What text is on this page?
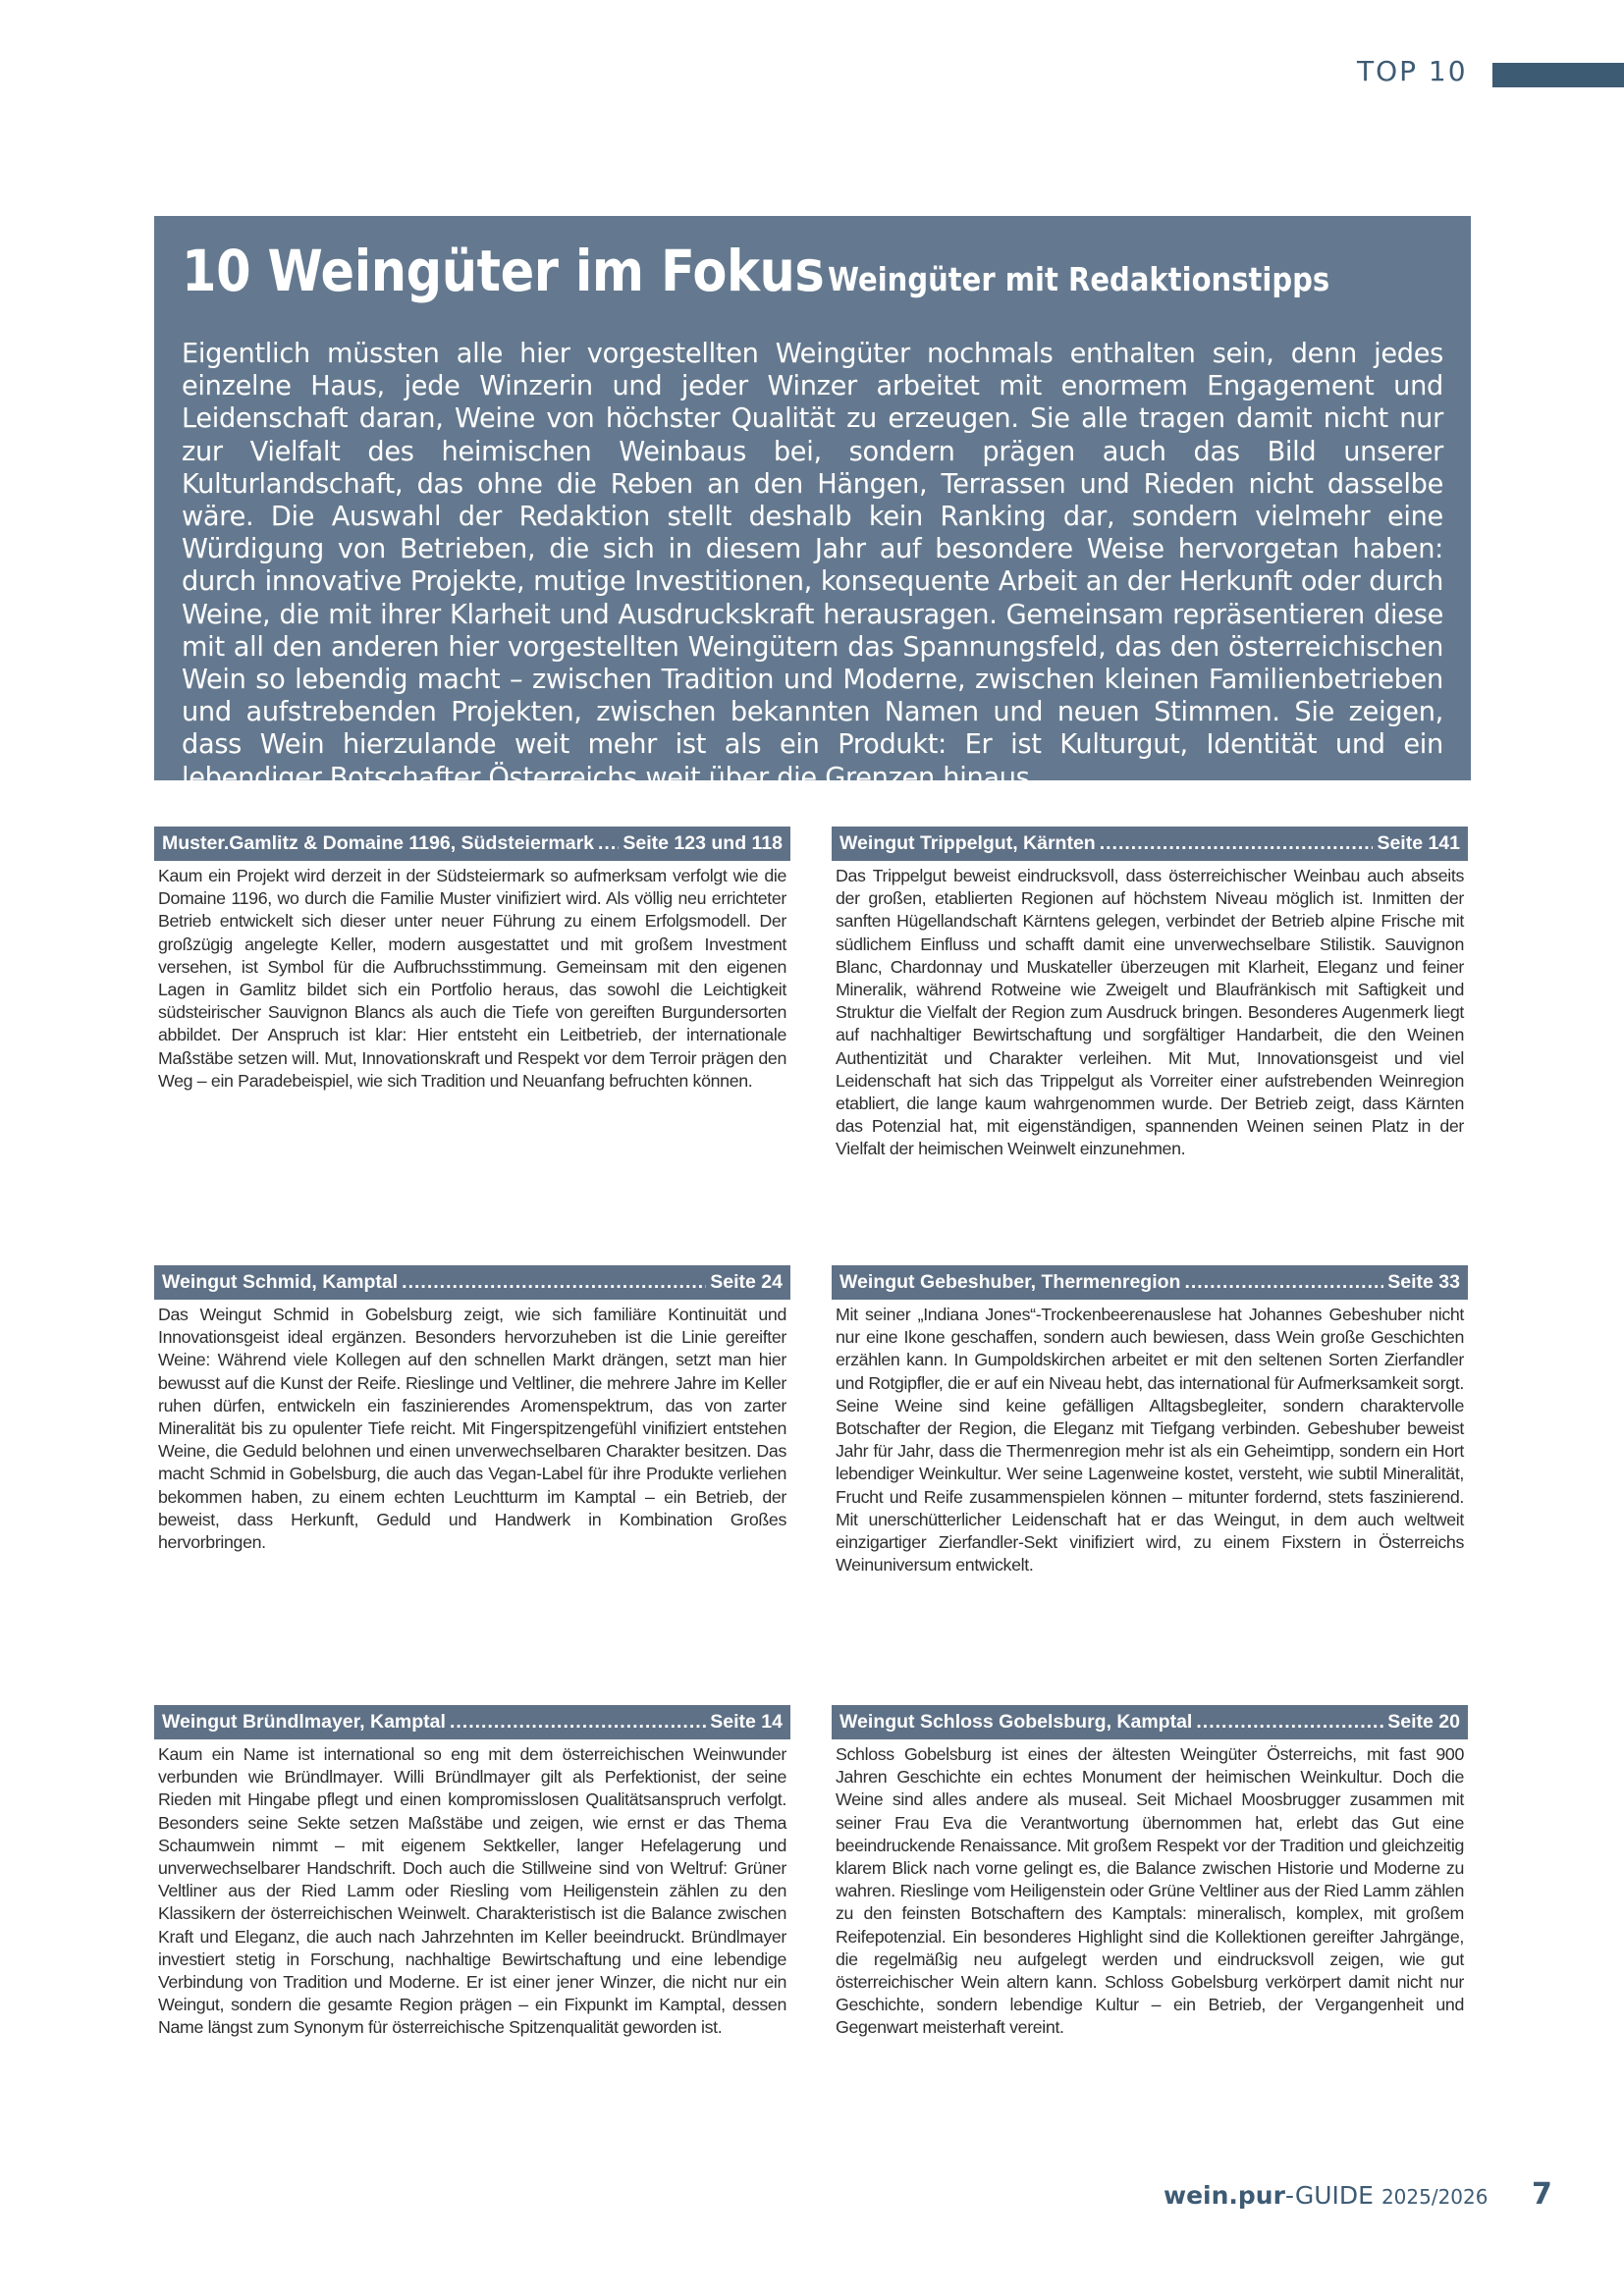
TOP 10
10 Weingüter im Fokus Weingüter mit Redaktionstipps

Eigentlich müssten alle hier vorgestellten Weingüter nochmals enthalten sein, denn jedes einzelne Haus, jede Winzerin und jeder Winzer arbeitet mit enormem Engagement und Leidenschaft daran, Weine von höchster Qualität zu erzeugen. Sie alle tragen damit nicht nur zur Vielfalt des heimischen Weinbaus bei, sondern prägen auch das Bild unserer Kulturlandschaft, das ohne die Reben an den Hängen, Terrassen und Rieden nicht dasselbe wäre. Die Auswahl der Redaktion stellt deshalb kein Ranking dar, sondern vielmehr eine Würdigung von Betrieben, die sich in diesem Jahr auf besondere Weise hervorgetan haben: durch innovative Projekte, mutige Investitionen, konsequente Arbeit an der Herkunft oder durch Weine, die mit ihrer Klarheit und Ausdruckskraft herausragen. Gemeinsam repräsentieren diese mit all den anderen hier vorgestellten Weingütern das Spannungsfeld, das den österreichischen Wein so lebendig macht – zwischen Tradition und Moderne, zwischen kleinen Familienbetrieben und aufstrebenden Projekten, zwischen bekannten Namen und neuen Stimmen. Sie zeigen, dass Wein hierzulande weit mehr ist als ein Produkt: Er ist Kulturgut, Identität und ein lebendiger Botschafter Österreichs weit über die Grenzen hinaus.

Muster.Gamlitz & Domaine 1196, Südsteiermark ..... Seite 123 und 118

Kaum ein Projekt wird derzeit in der Südsteiermark so aufmerksam verfolgt wie die Domaine 1196, wo durch die Familie Muster vinifiziert wird. Als völlig neu errichteter Betrieb entwickelt sich dieser unter neuer Führung zu einem Erfolgsmodell. Der großzügig angelegte Keller, modern ausgestattet und mit großem Investment versehen, ist Symbol für die Aufbruchsstimmung. Gemeinsam mit den eigenen Lagen in Gamlitz bildet sich ein Portfolio heraus, das sowohl die Leichtigkeit südsteirischer Sauvignon Blancs als auch die Tiefe von gereiften Burgundersorten abbildet. Der Anspruch ist klar: Hier entsteht ein Leitbetrieb, der internationale Maßstäbe setzen will. Mut, Innovationskraft und Respekt vor dem Terroir prägen den Weg – ein Paradebeispiel, wie sich Tradition und Neuanfang befruchten können.

Weingut Trippelgut, Kärnten .....	Seite 141

Das Trippelgut beweist eindrucksvoll, dass österreichischer Weinbau auch abseits der großen, etablierten Regionen auf höchstem Niveau möglich ist. Inmitten der sanften Hügellandschaft Kärntens gelegen, verbindet der Betrieb alpine Frische mit südlichem Einfluss und schafft damit eine unverwechselbare Stilistik. Sauvignon Blanc, Chardonnay und Muskateller überzeugen mit Klarheit, Eleganz und feiner Mineralik, während Rotweine wie Zweigelt und Blaufränkisch mit Saftigkeit und Struktur die Vielfalt der Region zum Ausdruck bringen. Besonderes Augenmerk liegt auf nachhaltiger Bewirtschaftung und sorgfältiger Handarbeit, die den Weinen Authentizität und Charakter verleihen. Mit Mut, Innovationsgeist und viel Leidenschaft hat sich das Trippelgut als Vorreiter einer aufstrebenden Weinregion etabliert, die lange kaum wahrgenommen wurde. Der Betrieb zeigt, dass Kärnten das Potenzial hat, mit eigenständigen, spannenden Weinen seinen Platz in der Vielfalt der heimischen Weinwelt einzunehmen.

Weingut Schmid, Kamptal .....	Seite 24

Das Weingut Schmid in Gobelsburg zeigt, wie sich familiäre Kontinuität und Innovationsgeist ideal ergänzen. Besonders hervorzuheben ist die Linie gereifter Weine: Während viele Kollegen auf den schnellen Markt drängen, setzt man hier bewusst auf die Kunst der Reife. Rieslinge und Veltliner, die mehrere Jahre im Keller ruhen dürfen, entwickeln ein faszinierendes Aromenspektrum, das von zarter Mineralität bis zu opulenter Tiefe reicht. Mit Fingerspitzengefühl vinifiziert entstehen Weine, die Geduld belohnen und einen unverwechselbaren Charakter besitzen. Das macht Schmid in Gobelsburg, die auch das Vegan-Label für ihre Produkte verliehen bekommen haben, zu einem echten Leuchtturm im Kamptal – ein Betrieb, der beweist, dass Herkunft, Geduld und Handwerk in Kombination Großes hervorbringen.

Weingut Gebeshuber, Thermenregion .....	Seite 33

Mit seiner „Indiana Jones“-Trockenbeerenauslese hat Johannes Gebeshuber nicht nur eine Ikone geschaffen, sondern auch bewiesen, dass Wein große Geschichten erzählen kann. In Gumpoldskirchen arbeitet er mit den seltenen Sorten Zierfandler und Rotgipfler, die er auf ein Niveau hebt, das international für Aufmerksamkeit sorgt. Seine Weine sind keine gefälligen Alltagsbegleiter, sondern charaktervolle Botschafter der Region, die Eleganz mit Tiefgang verbinden. Gebeshuber beweist Jahr für Jahr, dass die Thermenregion mehr ist als ein Geheimtipp, sondern ein Hort lebendiger Weinkultur. Wer seine Lagenweine kostet, versteht, wie subtil Mineralität, Frucht und Reife zusammenspielen können – mitunter fordernd, stets faszinierend. Mit unerschütterlicher Leidenschaft hat er das Weingut, in dem auch weltweit einzigartiger Zierfandler-Sekt vinifiziert wird, zu einem Fixstern in Österreichs Weinuniversum entwickelt.

Weingut Bründlmayer, Kamptal .....	Seite 14

Kaum ein Name ist international so eng mit dem österreichischen Weinwunder verbunden wie Bründlmayer. Willi Bründlmayer gilt als Perfektionist, der seine Rieden mit Hingabe pflegt und einen kompromisslosen Qualitätsanspruch verfolgt. Besonders seine Sekte setzen Maßstäbe und zeigen, wie ernst er das Thema Schaumwein nimmt – mit eigenem Sektkeller, langer Hefelagerung und unverwechselbarer Handschrift. Doch auch die Stillweine sind von Weltruf: Grüner Veltliner aus der Ried Lamm oder Riesling vom Heiligenstein zählen zu den Klassikern der österreichischen Weinwelt. Charakteristisch ist die Balance zwischen Kraft und Eleganz, die auch nach Jahrzehnten im Keller beeindruckt. Bründlmayer investiert stetig in Forschung, nachhaltige Bewirtschaftung und eine lebendige Verbindung von Tradition und Moderne. Er ist einer jener Winzer, die nicht nur ein Weingut, sondern die gesamte Region prägen – ein Fixpunkt im Kamptal, dessen Name längst zum Synonym für österreichische Spitzenqualität geworden ist.

Weingut Schloss Gobelsburg, Kamptal .....	Seite 20

Schloss Gobelsburg ist eines der ältesten Weingüter Österreichs, mit fast 900 Jahren Geschichte ein echtes Monument der heimischen Weinkultur. Doch die Weine sind alles andere als museal. Seit Michael Moosbrugger zusammen mit seiner Frau Eva die Verantwortung übernommen hat, erlebt das Gut eine beeindruckende Renaissance. Mit großem Respekt vor der Tradition und gleichzeitig klarem Blick nach vorne gelingt es, die Balance zwischen Historie und Moderne zu wahren. Rieslinge vom Heiligenstein oder Grüne Veltliner aus der Ried Lamm zählen zu den feinsten Botschaftern des Kamptals: mineralisch, komplex, mit großem Reifepotenzial. Ein besonderes Highlight sind die Kollektionen gereifter Jahrgänge, die regelmäßig neu aufgelegt werden und eindrucksvoll zeigen, wie gut österreichischer Wein altern kann. Schloss Gobelsburg verkörpert damit nicht nur Geschichte, sondern lebendige Kultur – ein Betrieb, der Vergangenheit und Gegenwart meisterhaft vereint.

wein.pur-GUIDE 2025/2026 7
